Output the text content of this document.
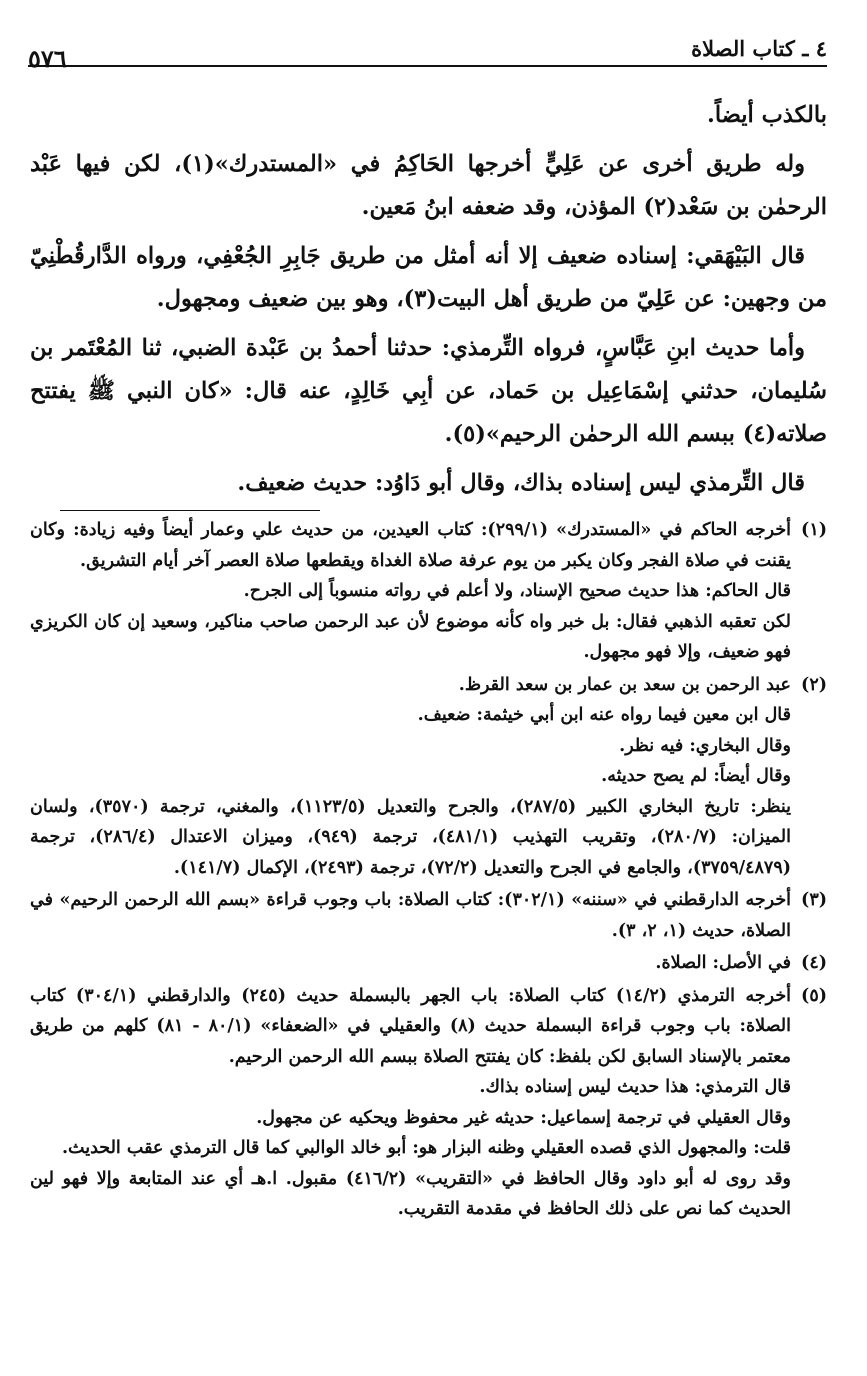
٤ ـ كتاب الصلاة
٥٧٦

بالكذب أيضاً.

وله طريق أخرى عن عَلِيٍّ أخرجها الحَاكِمُ في «المستدرك»(١)، لكن فيها عَبْد الرحمٰن بن سَعْد(٢) المؤذن، وقد ضعفه ابنُ مَعين.

قال البَيْهَقي: إسناده ضعيف إلا أنه أمثل من طريق جَابِرِ الجُعْفِي، ورواه الدَّارقُطْنِيّ من وجهين: عن عَلِيّ من طريق أهل البيت(٣)، وهو بين ضعيف ومجهول.

وأما حديث ابنِ عَبَّاسٍ، فرواه التِّرمذي: حدثنا أحمدُ بن عَبْدة الضبي، ثنا المُعْتَمر بن سُليمان، حدثني إسْمَاعِيل بن حَماد، عن أبِي خَالِدٍ، عنه قال: «كان النبي ﷺ يفتتح صلاته(٤) ببسم الله الرحمٰن الرحيم»(٥).

قال التِّرمذي ليس إسناده بذاك، وقال أبو دَاوُد: حديث ضعيف.

(١)
أخرجه الحاكم في «المستدرك» (٢٩٩/١): كتاب العيدين، من حديث علي وعمار أيضاً وفيه زيادة: وكان يقنت في صلاة الفجر وكان يكبر من يوم عرفة صلاة الغداة ويقطعها صلاة العصر آخر أيام التشريق.
قال الحاكم: هذا حديث صحيح الإسناد، ولا أعلم في رواته منسوباً إلى الجرح.
لكن تعقبه الذهبي فقال: بل خبر واه كأنه موضوع لأن عبد الرحمن صاحب مناكير، وسعيد إن كان الكريزي فهو ضعيف، وإلا فهو مجهول.
(٢)
عبد الرحمن بن سعد بن عمار بن سعد القرظ.
قال ابن معين فيما رواه عنه ابن أبي خيثمة: ضعيف.
وقال البخاري: فيه نظر.
وقال أيضاً: لم يصح حديثه.
ينظر: تاريخ البخاري الكبير (٢٨٧/٥)، والجرح والتعديل (١١٢٣/٥)، والمغني، ترجمة (٣٥٧٠)، ولسان الميزان: (٢٨٠/٧)، وتقريب التهذيب (٤٨١/١)، ترجمة (٩٤٩)، وميزان الاعتدال (٢٨٦/٤)، ترجمة (٣٧٥٩/٤٨٧٩)، والجامع في الجرح والتعديل (٧٢/٢)، ترجمة (٢٤٩٣)، الإكمال (١٤١/٧).
(٣)
أخرجه الدارقطني في «سننه» (٣٠٢/١): كتاب الصلاة: باب وجوب قراءة «بسم الله الرحمن الرحيم» في الصلاة، حديث (١، ٢، ٣).
(٤)
في الأصل: الصلاة.
(٥)
أخرجه الترمذي (١٤/٢) كتاب الصلاة: باب الجهر بالبسملة حديث (٢٤٥) والدارقطني (٣٠٤/١) كتاب الصلاة: باب وجوب قراءة البسملة حديث (٨) والعقيلي في «الضعفاء» (٨٠/١ - ٨١) كلهم من طريق معتمر بالإسناد السابق لكن بلفظ: كان يفتتح الصلاة ببسم الله الرحمن الرحيم.
قال الترمذي: هذا حديث ليس إسناده بذاك.
وقال العقيلي في ترجمة إسماعيل: حديثه غير محفوظ ويحكيه عن مجهول.
قلت: والمجهول الذي قصده العقيلي وظنه البزار هو: أبو خالد الوالبي كما قال الترمذي عقب الحديث.
وقد روى له أبو داود وقال الحافظ في «التقريب» (٤١٦/٢) مقبول. ا.هـ أي عند المتابعة وإلا فهو لين الحديث كما نص على ذلك الحافظ في مقدمة التقريب.
